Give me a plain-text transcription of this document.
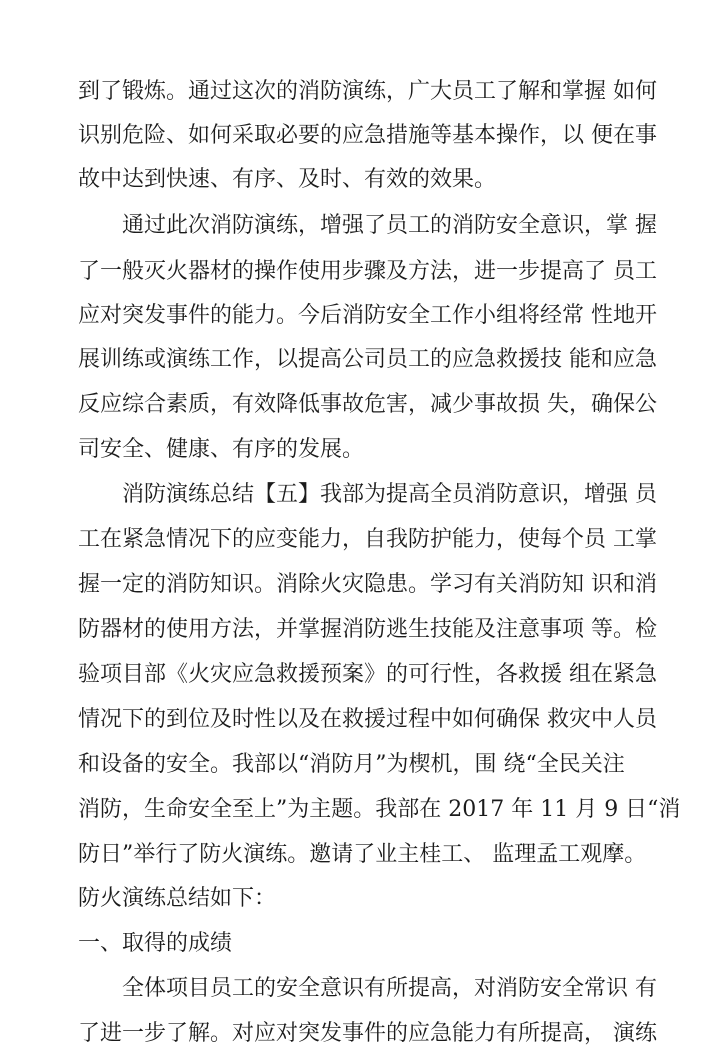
到了锻炼。通过这次的消防演练，广大员工了解和掌握 如何
识别危险、如何采取必要的应急措施等基本操作，以 便在事
故中达到快速、有序、及时、有效的效果。
通过此次消防演练，增强了员工的消防安全意识，掌 握
了一般灭火器材的操作使用步骤及方法，进一步提高了 员工
应对突发事件的能力。今后消防安全工作小组将经常 性地开
展训练或演练工作，以提高公司员工的应急救援技 能和应急
反应综合素质，有效降低事故危害，减少事故损 失，确保公
司安全、健康、有序的发展。
消防演练总结【五】我部为提高全员消防意识，增强 员
工在紧急情况下的应变能力，自我防护能力，使每个员 工掌
握一定的消防知识。消除火灾隐患。学习有关消防知 识和消
防器材的使用方法，并掌握消防逃生技能及注意事项 等。检
验项目部《火灾应急救援预案》的可行性，各救援 组在紧急
情况下的到位及时性以及在救援过程中如何确保 救灾中人员
和设备的安全。我部以“消防月”为楔机，围 绕“全民关注
消防，生命安全至上”为主题。我部在 2017 年 11 月 9 日“消
防日”举行了防火演练。邀请了业主桂工、 监理孟工观摩。
防火演练总结如下：
一、取得的成绩
全体项目员工的安全意识有所提高，对消防安全常识 有
了进一步了解。对应对突发事件的应急能力有所提高， 演练
